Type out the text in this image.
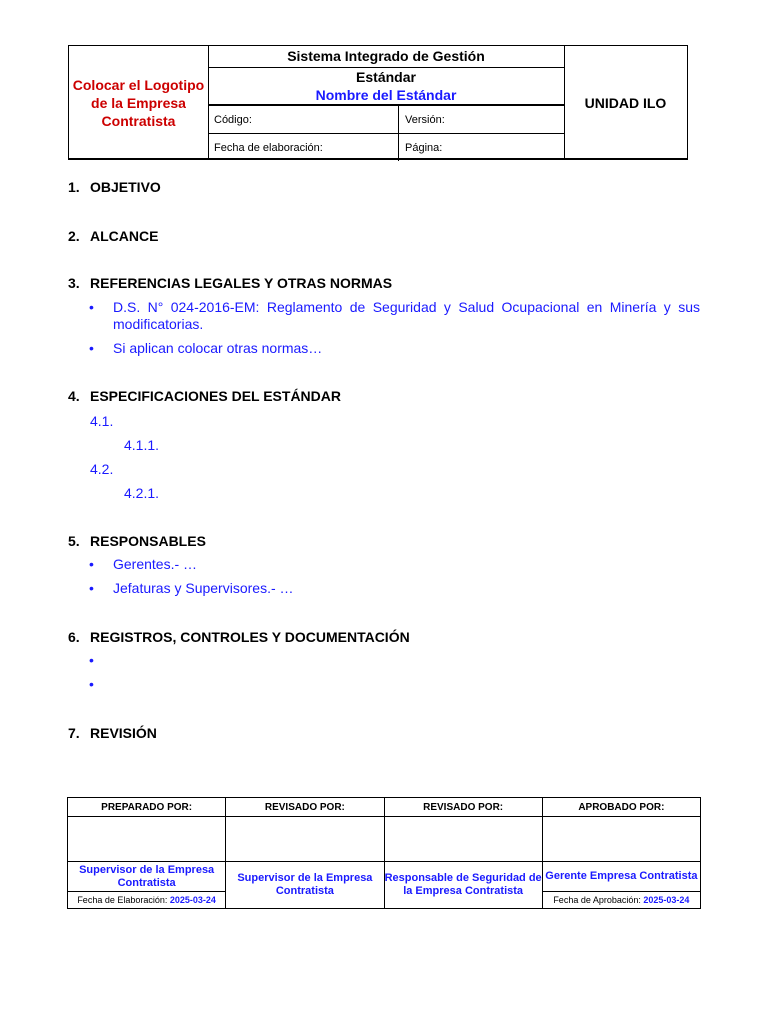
Colocar el Logotipo de la Empresa Contratista
Sistema Integrado de Gestión
Estándar
Nombre del Estándar
Código:	Versión:
Fecha de elaboración:	Página:
UNIDAD ILO
1. OBJETIVO
2. ALCANCE
3. REFERENCIAS LEGALES Y OTRAS NORMAS
• D.S. N° 024-2016-EM: Reglamento de Seguridad y Salud Ocupacional en Minería y sus modificatorias.
• Si aplican colocar otras normas…
4. ESPECIFICACIONES DEL ESTÁNDAR
4.1.
4.1.1.
4.2.
4.2.1.
5. RESPONSABLES
• Gerentes.- …
• Jefaturas y Supervisores.- …
6. REGISTROS, CONTROLES Y DOCUMENTACIÓN
•
•
7. REVISIÓN
PREPARADO POR:	REVISADO POR:	REVISADO POR:	APROBADO POR:

Supervisor de la Empresa Contratista	Supervisor de la Empresa Contratista	Responsable de Seguridad de la Empresa Contratista	Gerente Empresa Contratista
Fecha de Elaboración: 2025-03-24			Fecha de Aprobación: 2025-03-24
